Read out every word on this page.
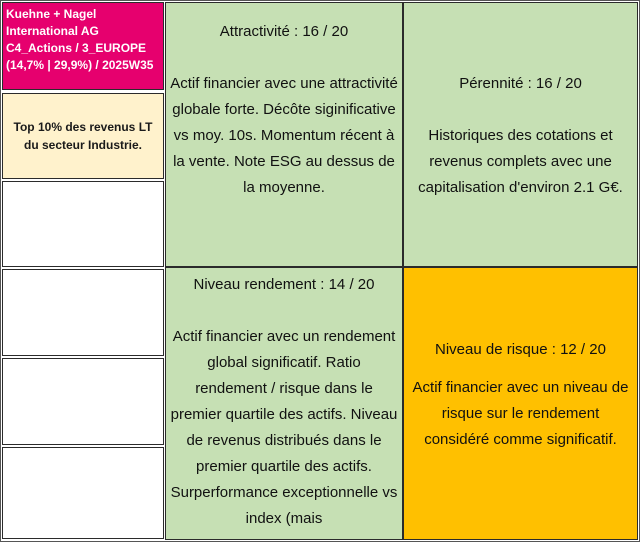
Kuehne + Nagel
International AG
C4_Actions / 3_EUROPE
(14,7% | 29,9%) / 2025W35
Top 10% des revenus LT du secteur Industrie.
Attractivité : 16 / 20
Actif financier avec une attractivité globale forte. Décôte siginificative vs moy. 10s. Momentum récent à la vente. Note ESG au dessus de la moyenne.
Pérennité : 16 / 20
Historiques des cotations et revenus complets avec une capitalisation d'environ 2.1 G€.
Niveau rendement : 14 / 20
Actif financier avec un rendement global significatif. Ratio rendement / risque dans le premier quartile des actifs. Niveau de revenus distribués dans le premier quartile des actifs. Surperformance exceptionnelle vs index (mais
Niveau de risque : 12 / 20
Actif financier avec un niveau de risque sur le rendement considéré comme significatif.
